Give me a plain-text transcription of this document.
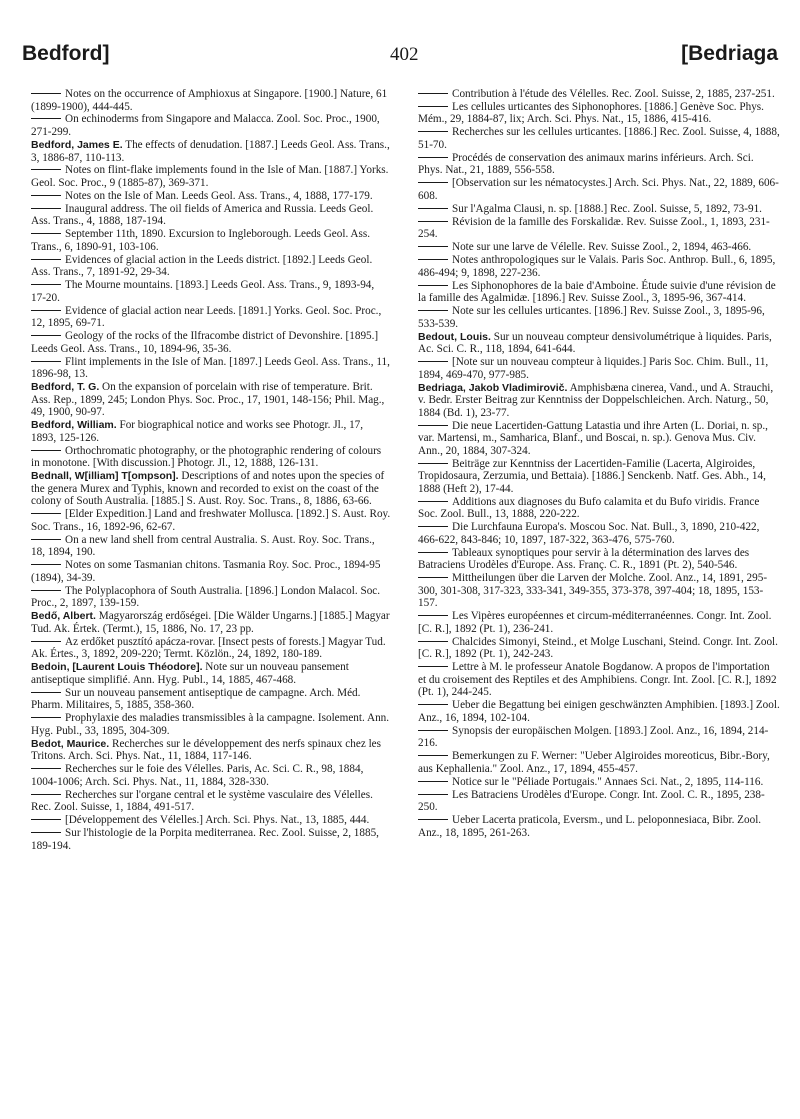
Bedford]	402	[Bedriaga

Notes on the occurrence of Amphioxus at Singapore. [1900.] Nature, 61 (1899-1900), 444-445.

On echinoderms from Singapore and Malacca. Zool. Soc. Proc., 1900, 271-299.

Bedford, James E. The effects of denudation. [1887.] Leeds Geol. Ass. Trans., 3, 1886-87, 110-113.

Notes on flint-flake implements found in the Isle of Man. [1887.] Yorks. Geol. Soc. Proc., 9 (1885-87), 369-371.

Notes on the Isle of Man. Leeds Geol. Ass. Trans., 4, 1888, 177-179.

Inaugural address. The oil fields of America and Russia. Leeds Geol. Ass. Trans., 4, 1888, 187-194.

September 11th, 1890. Excursion to Ingleborough. Leeds Geol. Ass. Trans., 6, 1890-91, 103-106.

Evidences of glacial action in the Leeds district. [1892.] Leeds Geol. Ass. Trans., 7, 1891-92, 29-34.

The Mourne mountains. [1893.] Leeds Geol. Ass. Trans., 9, 1893-94, 17-20.

Evidence of glacial action near Leeds. [1891.] Yorks. Geol. Soc. Proc., 12, 1895, 69-71.

Geology of the rocks of the Ilfracombe district of Devonshire. [1895.] Leeds Geol. Ass. Trans., 10, 1894-96, 35-36.

Flint implements in the Isle of Man. [1897.] Leeds Geol. Ass. Trans., 11, 1896-98, 13.

Bedford, T. G. On the expansion of porcelain with rise of temperature. Brit. Ass. Rep., 1899, 245; London Phys. Soc. Proc., 17, 1901, 148-156; Phil. Mag., 49, 1900, 90-97.

Bedford, William. For biographical notice and works see Photogr. Jl., 17, 1893, 125-126.

Orthochromatic photography, or the photographic rendering of colours in monotone. [With discussion.] Photogr. Jl., 12, 1888, 126-131.

Bednall, W[illiam] T[ompson]. Descriptions of and notes upon the species of the genera Murex and Typhis, known and recorded to exist on the coast of the colony of South Australia. [1885.] S. Aust. Roy. Soc. Trans., 8, 1886, 63-66.

[Elder Expedition.] Land and freshwater Mollusca. [1892.] S. Aust. Roy. Soc. Trans., 16, 1892-96, 62-67.

On a new land shell from central Australia. S. Aust. Roy. Soc. Trans., 18, 1894, 190.

Notes on some Tasmanian chitons. Tasmania Roy. Soc. Proc., 1894-95 (1894), 34-39.

The Polyplacophora of South Australia. [1896.] London Malacol. Soc. Proc., 2, 1897, 139-159.

Bedő, Albert. Magyarország erdőségei. [Die Wälder Ungarns.] [1885.] Magyar Tud. Ak. Értek. (Termt.), 15, 1886, No. 17, 23 pp.

Az erdőket pusztító apácza-rovar. [Insect pests of forests.] Magyar Tud. Ak. Értes., 3, 1892, 209-220; Termt. Közlön., 24, 1892, 180-189.

Bedoin, [Laurent Louis Théodore]. Note sur un nouveau pansement antiseptique simplifié. Ann. Hyg. Publ., 14, 1885, 467-468.

Sur un nouveau pansement antiseptique de campagne. Arch. Méd. Pharm. Militaires, 5, 1885, 358-360.

Prophylaxie des maladies transmissibles à la campagne. Isolement. Ann. Hyg. Publ., 33, 1895, 304-309.

Bedot, Maurice. Recherches sur le développement des nerfs spinaux chez les Tritons. Arch. Sci. Phys. Nat., 11, 1884, 117-146.

Recherches sur le foie des Vélelles. Paris, Ac. Sci. C. R., 98, 1884, 1004-1006; Arch. Sci. Phys. Nat., 11, 1884, 328-330.

Recherches sur l'organe central et le système vasculaire des Vélelles. Rec. Zool. Suisse, 1, 1884, 491-517.

[Développement des Vélelles.] Arch. Sci. Phys. Nat., 13, 1885, 444.

Sur l'histologie de la Porpita mediterranea. Rec. Zool. Suisse, 2, 1885, 189-194.

Contribution à l'étude des Vélelles. Rec. Zool. Suisse, 2, 1885, 237-251.

Les cellules urticantes des Siphonophores. [1886.] Genève Soc. Phys. Mém., 29, 1884-87, lix; Arch. Sci. Phys. Nat., 15, 1886, 415-416.

Recherches sur les cellules urticantes. [1886.] Rec. Zool. Suisse, 4, 1888, 51-70.

Procédés de conservation des animaux marins inférieurs. Arch. Sci. Phys. Nat., 21, 1889, 556-558.

[Observation sur les nématocystes.] Arch. Sci. Phys. Nat., 22, 1889, 606-608.

Sur l'Agalma Clausi, n. sp. [1888.] Rec. Zool. Suisse, 5, 1892, 73-91.

Révision de la famille des Forskalidæ. Rev. Suisse Zool., 1, 1893, 231-254.

Note sur une larve de Vélelle. Rev. Suisse Zool., 2, 1894, 463-466.

Notes anthropologiques sur le Valais. Paris Soc. Anthrop. Bull., 6, 1895, 486-494; 9, 1898, 227-236.

Les Siphonophores de la baie d'Amboine. Étude suivie d'une révision de la famille des Agalmidæ. [1896.] Rev. Suisse Zool., 3, 1895-96, 367-414.

Note sur les cellules urticantes. [1896.] Rev. Suisse Zool., 3, 1895-96, 533-539.

Bedout, Louis. Sur un nouveau compteur densivolumétrique à liquides. Paris, Ac. Sci. C. R., 118, 1894, 641-644.

[Note sur un nouveau compteur à liquides.] Paris Soc. Chim. Bull., 11, 1894, 469-470, 977-985.

Bedriaga, Jakob Vladimirovič. Amphisbæna cinerea, Vand., und A. Strauchi, v. Bedr. Erster Beitrag zur Kenntniss der Doppelschleichen. Arch. Naturg., 50, 1884 (Bd. 1), 23-77.

Die neue Lacertiden-Gattung Latastia und ihre Arten (L. Doriai, n. sp., var. Martensi, m., Samharica, Blanf., und Boscai, n. sp.). Genova Mus. Civ. Ann., 20, 1884, 307-324.

Beiträge zur Kenntniss der Lacertiden-Familie (Lacerta, Algiroides, Tropidosaura, Zerzumia, und Bettaia). [1886.] Senckenb. Natf. Ges. Abh., 14, 1888 (Heft 2), 17-44.

Additions aux diagnoses du Bufo calamita et du Bufo viridis. France Soc. Zool. Bull., 13, 1888, 220-222.

Die Lurchfauna Europa's. Moscou Soc. Nat. Bull., 3, 1890, 210-422, 466-622, 843-846; 10, 1897, 187-322, 363-476, 575-760.

Tableaux synoptiques pour servir à la détermination des larves des Batraciens Urodèles d'Europe. Ass. Franç. C. R., 1891 (Pt. 2), 540-546.

Mittheilungen über die Larven der Molche. Zool. Anz., 14, 1891, 295-300, 301-308, 317-323, 333-341, 349-355, 373-378, 397-404; 18, 1895, 153-157.

Les Vipères européennes et circum-méditerranéennes. Congr. Int. Zool. [C. R.], 1892 (Pt. 1), 236-241.

Chalcides Simonyi, Steind., et Molge Luschani, Steind. Congr. Int. Zool. [C. R.], 1892 (Pt. 1), 242-243.

Lettre à M. le professeur Anatole Bogdanow. A propos de l'importation et du croisement des Reptiles et des Amphibiens. Congr. Int. Zool. [C. R.], 1892 (Pt. 1), 244-245.

Ueber die Begattung bei einigen geschwänzten Amphibien. [1893.] Zool. Anz., 16, 1894, 102-104.

Synopsis der europäischen Molgen. [1893.] Zool. Anz., 16, 1894, 214-216.

Bemerkungen zu F. Werner: "Ueber Algiroides moreoticus, Bibr.-Bory, aus Kephallenia." Zool. Anz., 17, 1894, 455-457.

Notice sur le "Péliade Portugais." Annaes Sci. Nat., 2, 1895, 114-116.

Les Batraciens Urodèles d'Europe. Congr. Int. Zool. C. R., 1895, 238-250.

Ueber Lacerta praticola, Eversm., und L. peloponnesiaca, Bibr. Zool. Anz., 18, 1895, 261-263.
